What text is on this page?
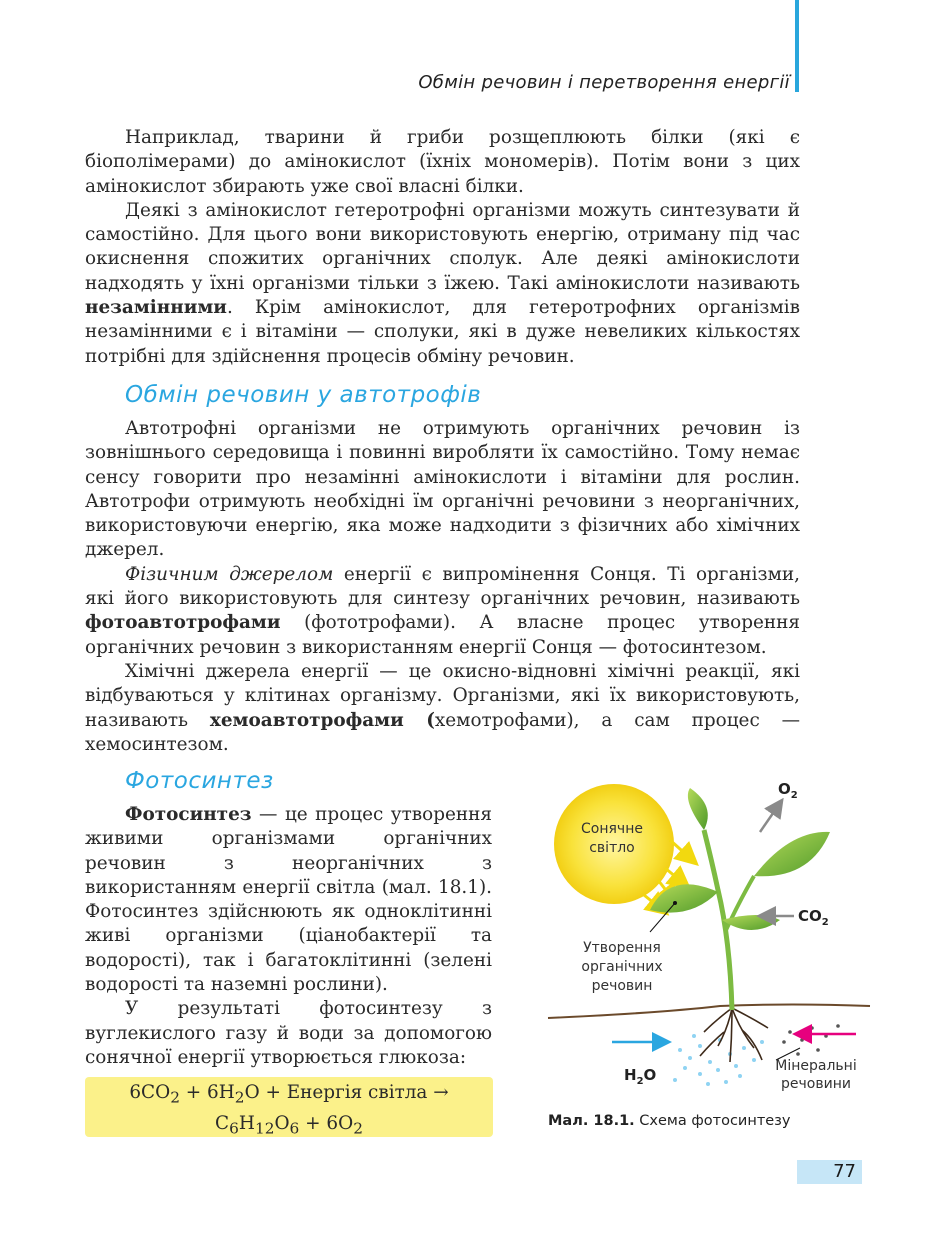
Обмін речовин і перетворення енергії

Наприклад, тварини й гриби розщеплюють білки (які є біополімерами) до амінокислот (їхніх мономерів). Потім вони з цих амінокислот збирають уже свої власні білки.

Деякі з амінокислот гетеротрофні організми можуть синтезувати й самостійно. Для цього вони використовують енергію, отриману під час окиснення спожитих органічних сполук. Але деякі амінокислоти надходять у їхні організми тільки з їжею. Такі амінокислоти називають незамінними. Крім амінокислот, для гетеротрофних організмів незамінними є і вітаміни — сполуки, які в дуже невеликих кількостях потрібні для здійснення процесів обміну речовин.

Обмін речовин у автотрофів

Автотрофні організми не отримують органічних речовин із зовнішнього середовища і повинні виробляти їх самостійно. Тому немає сенсу говорити про незамінні амінокислоти і вітаміни для рослин. Автотрофи отримують необхідні їм органічні речовини з неорганічних, використовуючи енергію, яка може надходити з фізичних або хімічних джерел.

Фізичним джерелом енергії є випромінення Сонця. Ті організми, які його використовують для синтезу органічних речовин, називають фотоавтотрофами (фототрофами). А власне процес утворення органічних речовин з використанням енергії Сонця — фотосинтезом.

Хімічні джерела енергії — це окисно-відновні хімічні реакції, які відбуваються у клітинах організму. Організми, які їх використовують, називають хемоавтотрофами (хемотрофами), а сам процес — хемосинтезом.

Фотосинтез

Фотосинтез — це процес утворення живими організмами органічних речовин з неорганічних з використанням енергії світла (мал. 18.1). Фотосинтез здійснюють як одноклітинні живі організми (ціанобактерії та водорості), так і багатоклітинні (зелені водорості та наземні рослини).

У результаті фотосинтезу з вуглекислого газу й води за допомогою сонячної енергії утворюється глюкоза:

$6CO_2 + 6H_2O$ + Енергія світла →
$C_6H_{12}O_6 + 6O_2$
Сонячне
світло
$O_2$
$CO_2$
Утворення
органічних
речовин
$H_2O$	Мінеральні
речовини
Мал. 18.1. Схема фотосинтезу
77
